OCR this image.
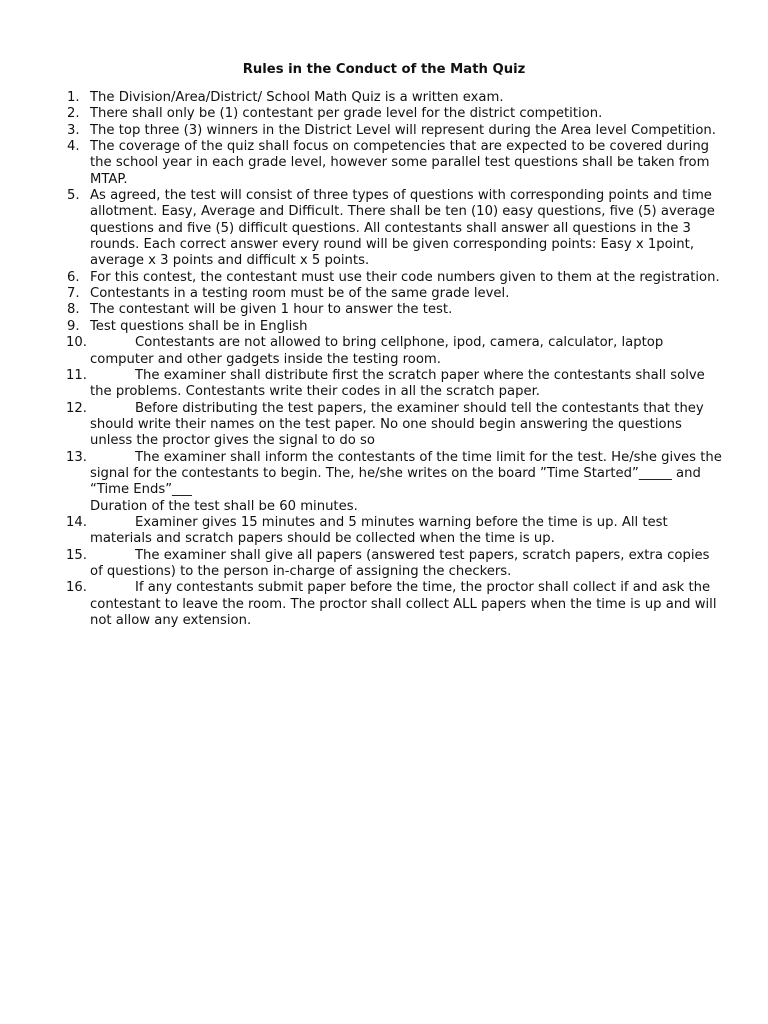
Rules in the Conduct of the Math Quiz
1. The Division/Area/District/ School Math Quiz is a written exam.
2. There shall only be (1) contestant per grade level for the district competition.
3. The top three (3) winners in the District Level will represent during the Area level Competition.
4. The coverage of the quiz shall focus on competencies that are expected to be covered during the school year in each grade level, however some parallel test questions shall be taken from MTAP.
5. As agreed, the test will consist of three types of questions with corresponding points and time allotment. Easy, Average and Difficult. There shall be ten (10) easy questions, five (5) average questions and five (5) difficult questions. All contestants shall answer all questions in the 3 rounds. Each correct answer every round will be given corresponding points: Easy x 1point, average x 3 points and difficult x 5 points.
6. For this contest, the contestant must use their code numbers given to them at the registration.
7. Contestants in a testing room must be of the same grade level.
8. The contestant will be given 1 hour to answer the test.
9. Test questions shall be in English
10.	Contestants are not allowed to bring cellphone, ipod, camera, calculator, laptop computer and other gadgets inside the testing room.
11.	The examiner shall distribute first the scratch paper where the contestants shall solve the problems. Contestants write their codes in all the scratch paper.
12.	Before distributing the test papers, the examiner should tell the contestants that they should write their names on the test paper. No one should begin answering the questions unless the proctor gives the signal to do so
13.	The examiner shall inform the contestants of the time limit for the test. He/she gives the signal for the contestants to begin. The, he/she writes on the board ”Time Started”_____ and “Time Ends”___
Duration of the test shall be 60 minutes.
14.	Examiner gives 15 minutes and 5 minutes warning before the time is up. All test materials and scratch papers should be collected when the time is up.
15.	The examiner shall give all papers (answered test papers, scratch papers, extra copies of questions) to the person in-charge of assigning the checkers.
16.	If any contestants submit paper before the time, the proctor shall collect if and ask the contestant to leave the room. The proctor shall collect ALL papers when the time is up and will not allow any extension.
